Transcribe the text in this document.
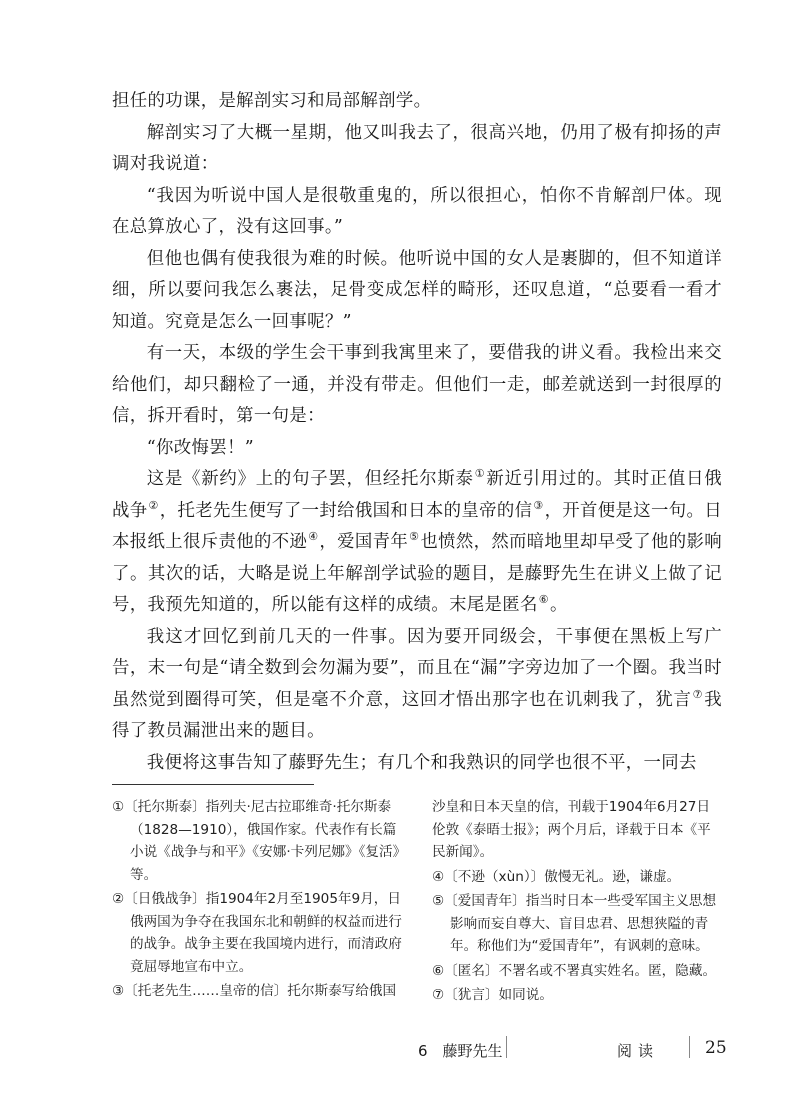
担任的功课，是解剖实习和局部解剖学。

解剖实习了大概一星期，他又叫我去了，很高兴地，仍用了极有抑扬的声调对我说道：

“我因为听说中国人是很敬重鬼的，所以很担心，怕你不肯解剖尸体。现在总算放心了，没有这回事。”

但他也偶有使我很为难的时候。他听说中国的女人是裹脚的，但不知道详细，所以要问我怎么裹法，足骨变成怎样的畸形，还叹息道，“总要看一看才知道。究竟是怎么一回事呢？”

有一天，本级的学生会干事到我寓里来了，要借我的讲义看。我检出来交给他们，却只翻检了一通，并没有带走。但他们一走，邮差就送到一封很厚的信，拆开看时，第一句是：

“你改悔罢！”

这是《新约》上的句子罢，但经托尔斯泰①新近引用过的。其时正值日俄战争②，托老先生便写了一封给俄国和日本的皇帝的信③，开首便是这一句。日本报纸上很斥责他的不逊④，爱国青年⑤也愤然，然而暗地里却早受了他的影响了。其次的话，大略是说上年解剖学试验的题目，是藤野先生在讲义上做了记号，我预先知道的，所以能有这样的成绩。末尾是匿名⑥。

我这才回忆到前几天的一件事。因为要开同级会，干事便在黑板上写广告，末一句是“请全数到会勿漏为要”，而且在“漏”字旁边加了一个圈。我当时虽然觉到圈得可笑，但是毫不介意，这回才悟出那字也在讥刺我了，犹言⑦我得了教员漏泄出来的题目。

我便将这事告知了藤野先生；有几个和我熟识的同学也很不平，一同去

①〔托尔斯泰〕指列夫·尼古拉耶维奇·托尔斯泰（1828—1910），俄国作家。代表作有长篇小说《战争与和平》《安娜·卡列尼娜》《复活》等。

②〔日俄战争〕指1904年2月至1905年9月，日俄两国为争夺在我国东北和朝鲜的权益而进行的战争。战争主要在我国境内进行，而清政府竟屈辱地宣布中立。

③〔托老先生……皇帝的信〕托尔斯泰写给俄国

沙皇和日本天皇的信，刊载于1904年6月27日伦敦《泰晤士报》；两个月后，译载于日本《平民新闻》。

④〔不逊（xùn）〕傲慢无礼。逊，谦虚。

⑤〔爱国青年〕指当时日本一些受军国主义思想影响而妄自尊大、盲目忠君、思想狭隘的青年。称他们为“爱国青年”，有讽刺的意味。

⑥〔匿名〕不署名或不署真实姓名。匿，隐藏。

⑦〔犹言〕如同说。

6　藤野先生	阅读	25
